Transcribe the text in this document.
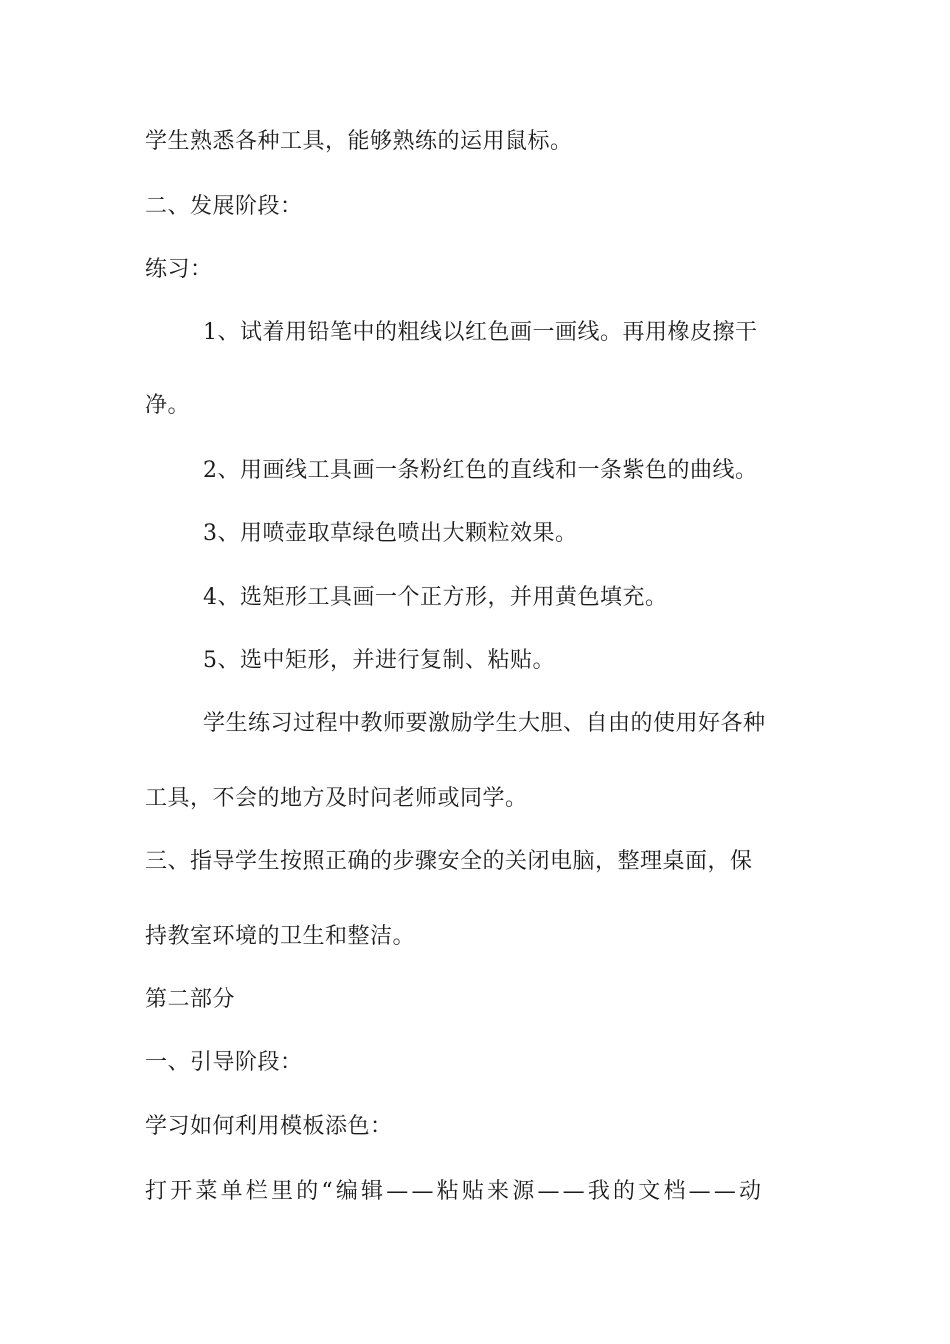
学生熟悉各种工具，能够熟练的运用鼠标。
二、发展阶段：
练习：
1、试着用铅笔中的粗线以红色画一画线。再用橡皮擦干
净。
2、用画线工具画一条粉红色的直线和一条紫色的曲线。
3、用喷壶取草绿色喷出大颗粒效果。
4、选矩形工具画一个正方形，并用黄色填充。
5、选中矩形，并进行复制、粘贴。
学生练习过程中教师要激励学生大胆、自由的使用好各种
工具，不会的地方及时问老师或同学。
三、指导学生按照正确的步骤安全的关闭电脑，整理桌面，保
持教室环境的卫生和整洁。
第二部分
一、引导阶段：
学习如何利用模板添色：
打开菜单栏里的“编辑——粘贴来源——我的文档——动
